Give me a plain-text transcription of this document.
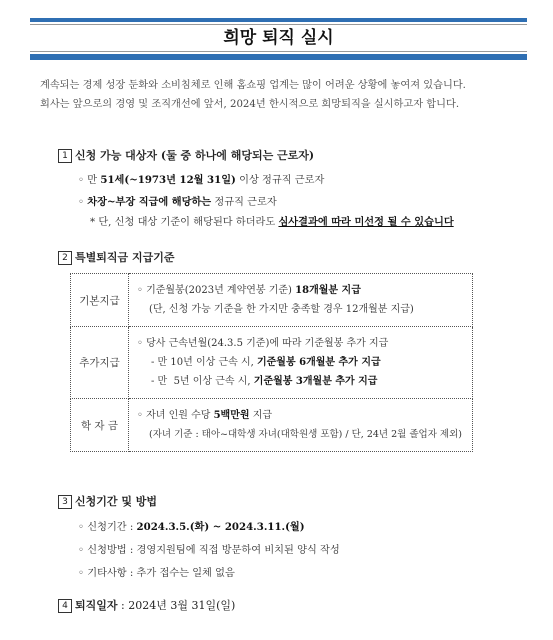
희망 퇴직 실시
계속되는 경제 성장 둔화와 소비침체로 인해 홈쇼핑 업계는 많이 어려운 상황에 놓여져 있습니다.
회사는 앞으로의 경영 및 조직개선에 앞서, 2024년 한시적으로 희망퇴직을 실시하고자 합니다.
1 신청 가능 대상자 (둘 중 하나에 해당되는 근로자)
◦ 만 51세(~1973년 12월 31일) 이상 정규직 근로자
◦ 차장~부장 직급에 해당하는 정규직 근로자
* 단, 신청 대상 기준이 해당된다 하더라도 심사결과에 따라 미선정 될 수 있습니다
2 특별퇴직금 지급기준
기본지급	◦ 기준월봉(2023년 계약연봉 기준) 18개월분 지급
(단, 신청 가능 기준을 한 가지만 충족할 경우 12개월분 지급)

추가지급	◦ 당사 근속년월(24.3.5 기준)에 따라 기준월봉 추가 지급
- 만 10년 이상 근속 시, 기준월봉 6개월분 추가 지급
- 만  5년 이상 근속 시, 기준월봉 3개월분 추가 지급

학 자 금	◦ 자녀 인원 수당 5백만원 지급
(자녀 기준 : 태아~대학생 자녀(대학원생 포함) / 단, 24년 2월 졸업자 제외)
3 신청기간 및 방법
◦ 신청기간 : 2024.3.5.(화) ~ 2024.3.11.(월)
◦ 신청방법 : 경영지원팀에 직접 방문하여 비치된 양식 작성
◦ 기타사항 : 추가 접수는 일체 없음
4 퇴직일자 : 2024년 3월 31일(일)
